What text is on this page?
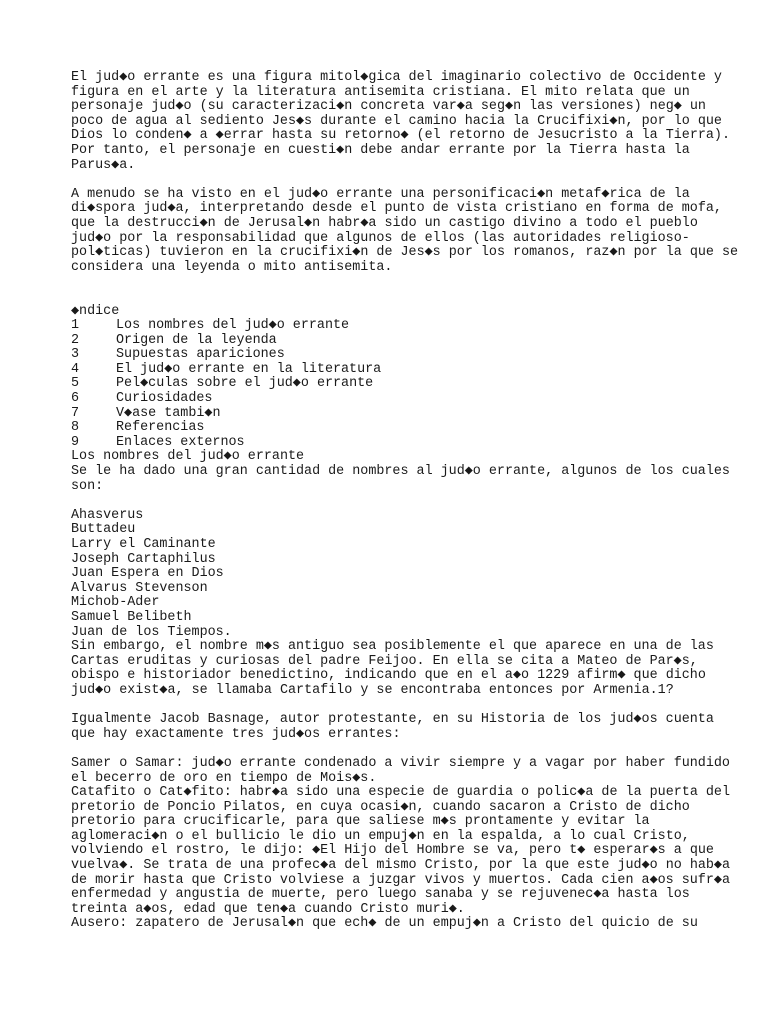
El jud◆o errante es una figura mitol◆gica del imaginario colectivo de Occidente y
figura en el arte y la literatura antisemita cristiana. El mito relata que un
personaje jud◆o (su caracterizaci◆n concreta var◆a seg◆n las versiones) neg◆ un
poco de agua al sediento Jes◆s durante el camino hacia la Crucifixi◆n, por lo que
Dios lo conden◆ a ◆errar hasta su retorno◆ (el retorno de Jesucristo a la Tierra).
Por tanto, el personaje en cuesti◆n debe andar errante por la Tierra hasta la
Parus◆a.
A menudo se ha visto en el jud◆o errante una personificaci◆n metaf◆rica de la
di◆spora jud◆a, interpretando desde el punto de vista cristiano en forma de mofa,
que la destrucci◆n de Jerusal◆n habr◆a sido un castigo divino a todo el pueblo
jud◆o por la responsabilidad que algunos de ellos (las autoridades religioso-
pol◆ticas) tuvieron en la crucifixi◆n de Jes◆s por los romanos, raz◆n por la que se
considera una leyenda o mito antisemita.
◆ndice
1	Los nombres del jud◆o errante
2	Origen de la leyenda
3	Supuestas apariciones
4	El jud◆o errante en la literatura
5	Pel◆culas sobre el jud◆o errante
6	Curiosidades
7	V◆ase tambi◆n
8	Referencias
9	Enlaces externos
Los nombres del jud◆o errante
Se le ha dado una gran cantidad de nombres al jud◆o errante, algunos de los cuales
son:
Ahasverus
Buttadeu
Larry el Caminante
Joseph Cartaphilus
Juan Espera en Dios
Alvarus Stevenson
Michob-Ader
Samuel Belibeth
Juan de los Tiempos.
Sin embargo, el nombre m◆s antiguo sea posiblemente el que aparece en una de las
Cartas eruditas y curiosas del padre Feijoo. En ella se cita a Mateo de Par◆s,
obispo e historiador benedictino, indicando que en el a◆o 1229 afirm◆ que dicho
jud◆o exist◆a, se llamaba Cartafilo y se encontraba entonces por Armenia.1?
Igualmente Jacob Basnage, autor protestante, en su Historia de los jud◆os cuenta
que hay exactamente tres jud◆os errantes:
Samer o Samar: jud◆o errante condenado a vivir siempre y a vagar por haber fundido
el becerro de oro en tiempo de Mois◆s.
Catafito o Cat◆fito: habr◆a sido una especie de guardia o polic◆a de la puerta del
pretorio de Poncio Pilatos, en cuya ocasi◆n, cuando sacaron a Cristo de dicho
pretorio para crucificarle, para que saliese m◆s prontamente y evitar la
aglomeraci◆n o el bullicio le dio un empuj◆n en la espalda, a lo cual Cristo,
volviendo el rostro, le dijo: ◆El Hijo del Hombre se va, pero t◆ esperar◆s a que
vuelva◆. Se trata de una profec◆a del mismo Cristo, por la que este jud◆o no hab◆a
de morir hasta que Cristo volviese a juzgar vivos y muertos. Cada cien a◆os sufr◆a
enfermedad y angustia de muerte, pero luego sanaba y se rejuvenec◆a hasta los
treinta a◆os, edad que ten◆a cuando Cristo muri◆.
Ausero: zapatero de Jerusal◆n que ech◆ de un empuj◆n a Cristo del quicio de su
